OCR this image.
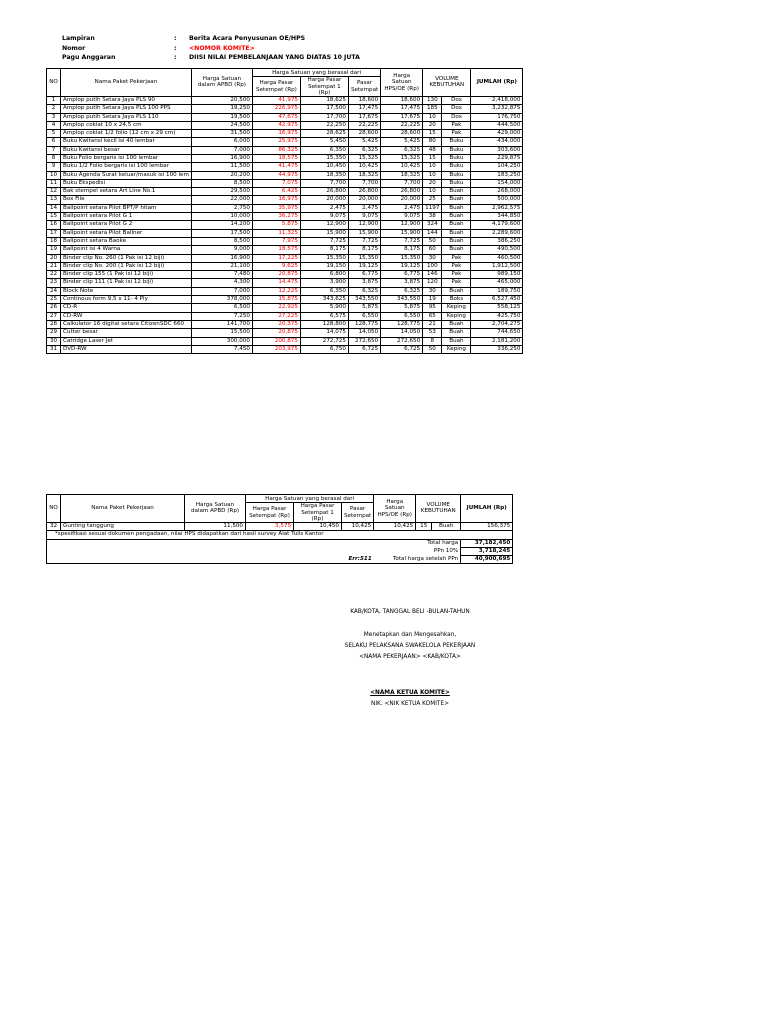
Lampiran	:	Berita Acara Penyusunan OE/HPS
Nomor	:	<NOMOR KOMITE>
Pagu Anggaran	:	DIISI NILAI PEMBELANJAAN YANG DIATAS 10 JUTA
NO	Nama Paket Pekerjaan	Harga Satuan dalam APBD (Rp)	Harga Satuan yang berasal dari			Harga Satuan HPS/OE (Rp)	VOLUME KEBUTUHAN		JUMLAH (Rp)
			Harga Pasar Setempat (Rp)	Harga Pasar Setempat 1 (Rp)	Pasar Setempat				
1	Amplop putih Setara Jaya PLS 90	20,500	41,975	18,625	18,600	18,600	130	Dos	2,418,000
2	Amplop putih Setara Jaya PLS 100 PPS	19,250	226,975	17,500	17,475	17,475	185	Dos	3,232,875
3	Amplop putih Setara Jaya PLS 110	19,500	47,675	17,700	17,675	17,675	10	Dos	176,750
4	Amplop coklat 10 x 24,5 cm	24,500	42,975	22,250	22,225	22,225	20	Pak	444,500
5	Amplop coklat 1/2 folio (12 cm x 29 cm)	31,500	16,975	28,625	28,600	28,600	15	Pak	429,000
6	Buku Kwitansi kecil isi 40 lembar	6,000	25,975	5,450	5,425	5,425	80	Buku	434,000
7	Buku Kwitansi besar	7,000	86,325	6,350	6,325	6,325	48	Buku	303,600
8	Buku Folio bergaris isi 100 lembar	16,900	18,575	15,350	15,325	15,325	15	Buku	229,875
9	Buku 1/2 Folio bergaris isi 100 lembar	11,500	41,475	10,450	10,425	10,425	10	Buku	104,250
10	Buku Agenda Surat keluar/masuk isi 100 lem	20,200	44,975	18,350	18,325	18,325	10	Buku	183,250
11	Buku Ekspedisi	8,500	7,075	7,700	7,700	7,700	20	Buku	154,000
12	Bak stempel setara Art Line No.1	29,500	6,425	26,800	26,800	26,800	10	Buah	268,000
13	Box File	22,000	16,975	20,000	20,000	20,000	25	Buah	500,000
14	Ballpoint setara Pilot BPT/P hitam	2,750	35,975	2,475	2,475	2,475	1197	Buah	2,962,575
15	Ballpoint setara Pilot G 1	10,000	36,275	9,075	9,075	9,075	38	Buah	344,850
16	Ballpoint setara Pilot G 2	14,200	5,875	12,900	12,900	12,900	324	Buah	4,179,600
17	Ballpoint setara Pilot Ballner	17,500	11,325	15,900	15,900	15,900	144	Buah	2,289,600
18	Ballpoint setara Baoke	8,500	7,975	7,725	7,725	7,725	50	Buah	386,250
19	Ballpoint isi 4 Warna	9,000	18,575	8,175	8,175	8,175	60	Buah	490,500
20	Binder clip No. 260 (1 Pak isi 12 biji)	16,900	17,225	15,350	15,350	15,350	30	Pak	460,500
21	Binder clip No. 200 (1 Pak isi 12 biji)	21,100	9,625	19,150	19,125	19,125	100	Pak	1,912,500
22	Binder clip 155 (1 Pak isi 12 biji)	7,480	20,875	6,800	6,775	6,775	146	Pak	989,150
23	Binder clip 111 (1 Pak isi 12 biji)	4,300	14,475	3,900	3,875	3,875	120	Pak	465,000
24	Block Note	7,000	12,225	6,350	6,325	6,325	30	Buah	189,750
25	Continous form 9,5 x 11- 4 Ply	378,000	15,875	343,625	343,550	343,550	19	Boks	6,527,450
26	CD-R	6,500	22,925	5,900	5,875	5,875	95	Keping	558,125
27	CD-RW	7,250	27,225	6,575	6,550	6,550	65	Keping	425,750
28	Calkulator 16 digital setara CitizenSDC 660	141,700	20,375	128,800	128,775	128,775	21	Buah	2,704,275
29	Cutter besar	15,500	20,875	14,075	14,050	14,050	53	Buah	744,650
30	Catridge Laser Jet	300,000	200,875	272,725	272,650	272,650	8	Buah	2,181,200
31	DVD-RW	7,450	203,975	6,750	6,725	6,725	50	Keping	336,250
NO	Nama Paket Pekerjaan	Harga Satuan dalam APBD (Rp)	Harga Satuan yang berasal dari			Harga Satuan HPS/OE (Rp)	VOLUME KEBUTUHAN		JUMLAH (Rp)
			Harga Pasar Setempat (Rp)	Harga Pasar Setempat 1 (Rp)	Pasar Setempat				
32	Gunting tanggung	11,500	3,575	10,450	10,425	10,425	15	Buah	156,375
*spesifikasi sesuai dokumen pengadaan, nilai HPS didapatkan dari hasil survey Alat Tulis Kantor									
						Total harga			37,182,450
						PPn 10%			3,718,245
					Err:511	Total harga setelah PPn			40,900,695
KAB/KOTA, TANGGAL BELI -BULAN-TAHUN
Menetapkan dan Mengesahkan,
SELAKU PELAKSANA SWAKELOLA PEKERJAAN
<NAMA PEKERJAAN> <KAB/KOTA>
<NAMA KETUA KOMITE>
NIK. <NIK KETUA KOMITE>
